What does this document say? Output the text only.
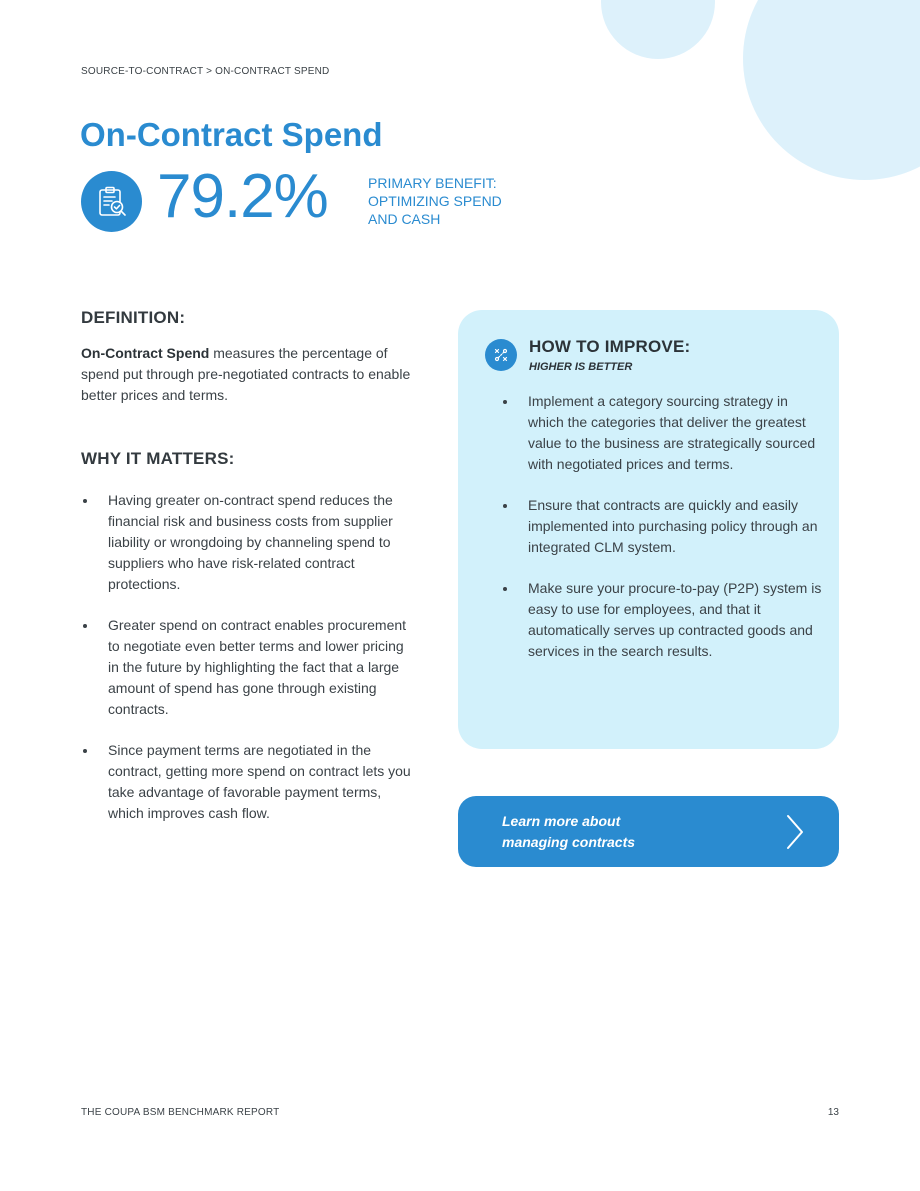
SOURCE-TO-CONTRACT > ON-CONTRACT SPEND
On-Contract Spend
79.2%	PRIMARY BENEFIT:
OPTIMIZING SPEND
AND CASH
DEFINITION:

On-Contract Spend measures the percentage of spend put through pre-negotiated contracts to enable better prices and terms.

WHY IT MATTERS:
Having greater on-contract spend reduces the financial risk and business costs from supplier liability or wrongdoing by channeling spend to suppliers who have risk-related contract protections.
Greater spend on contract enables procurement to negotiate even better terms and lower pricing in the future by highlighting the fact that a large amount of spend has gone through existing contracts.
Since payment terms are negotiated in the contract, getting more spend on contract lets you take advantage of favorable payment terms, which improves cash flow.
HOW TO IMPROVE:
HIGHER IS BETTER
Implement a category sourcing strategy in which the categories that deliver the greatest value to the business are strategically sourced with negotiated prices and terms.
Ensure that contracts are quickly and easily implemented into purchasing policy through an integrated CLM system.
Make sure your procure-to-pay (P2P) system is easy to use for employees, and that it automatically serves up contracted goods and services in the search results.
Learn more about
managing contracts
THE COUPA BSM BENCHMARK REPORT	13
